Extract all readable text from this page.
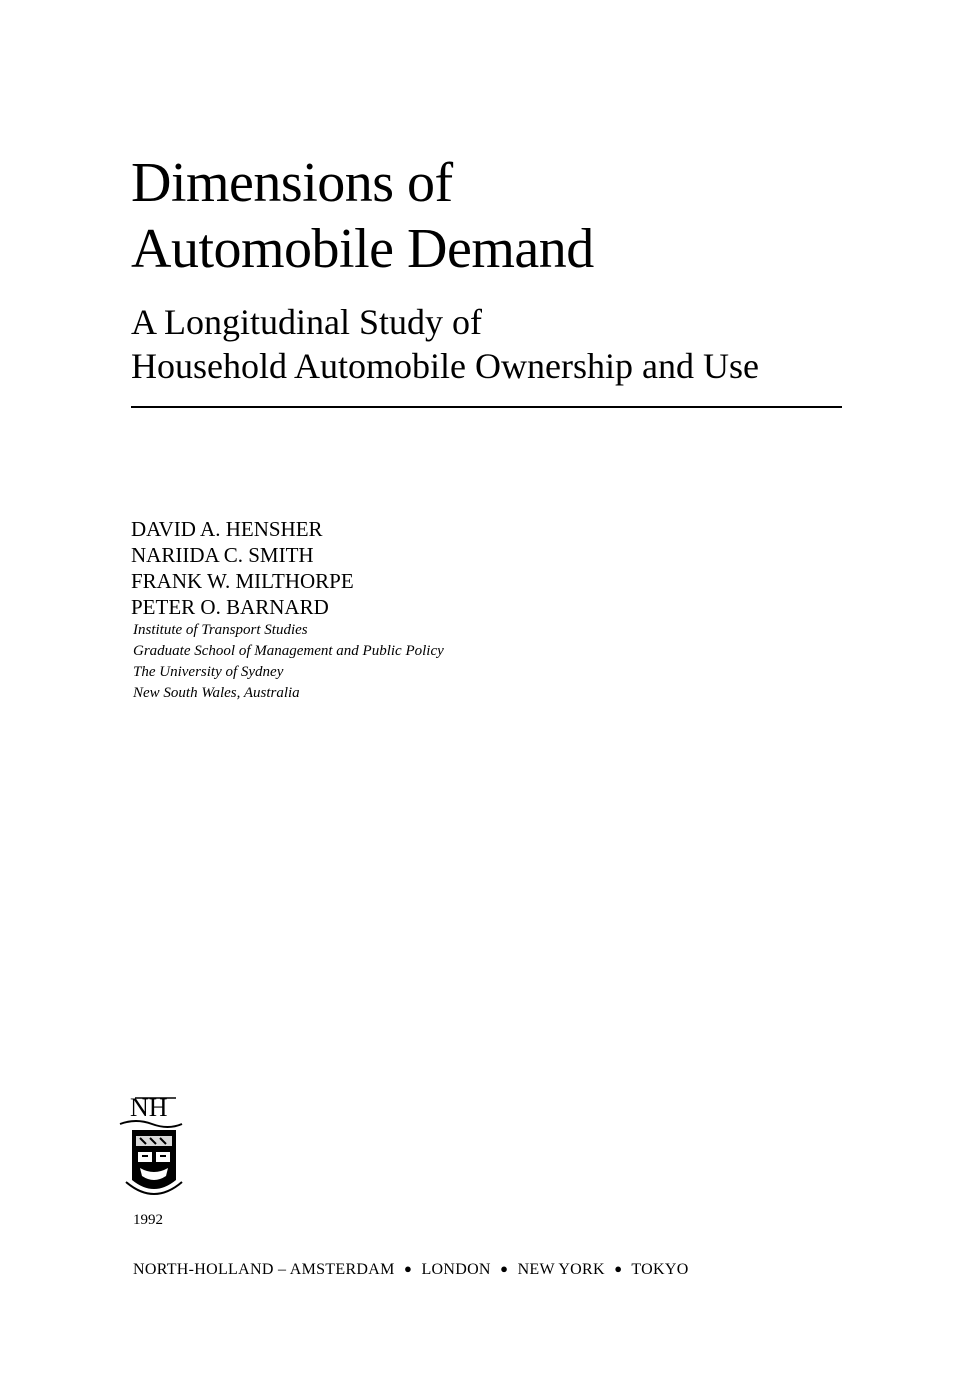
Dimensions of
Automobile Demand
A Longitudinal Study of
Household Automobile Ownership and Use
DAVID A. HENSHER
NARIIDA C. SMITH
FRANK W. MILTHORPE
PETER O. BARNARD
Institute of Transport Studies
Graduate School of Management and Public Policy
The University of Sydney
New South Wales, Australia
NH
1992
NORTH-HOLLAND – AMSTERDAM ● LONDON ● NEW YORK ● TOKYO
